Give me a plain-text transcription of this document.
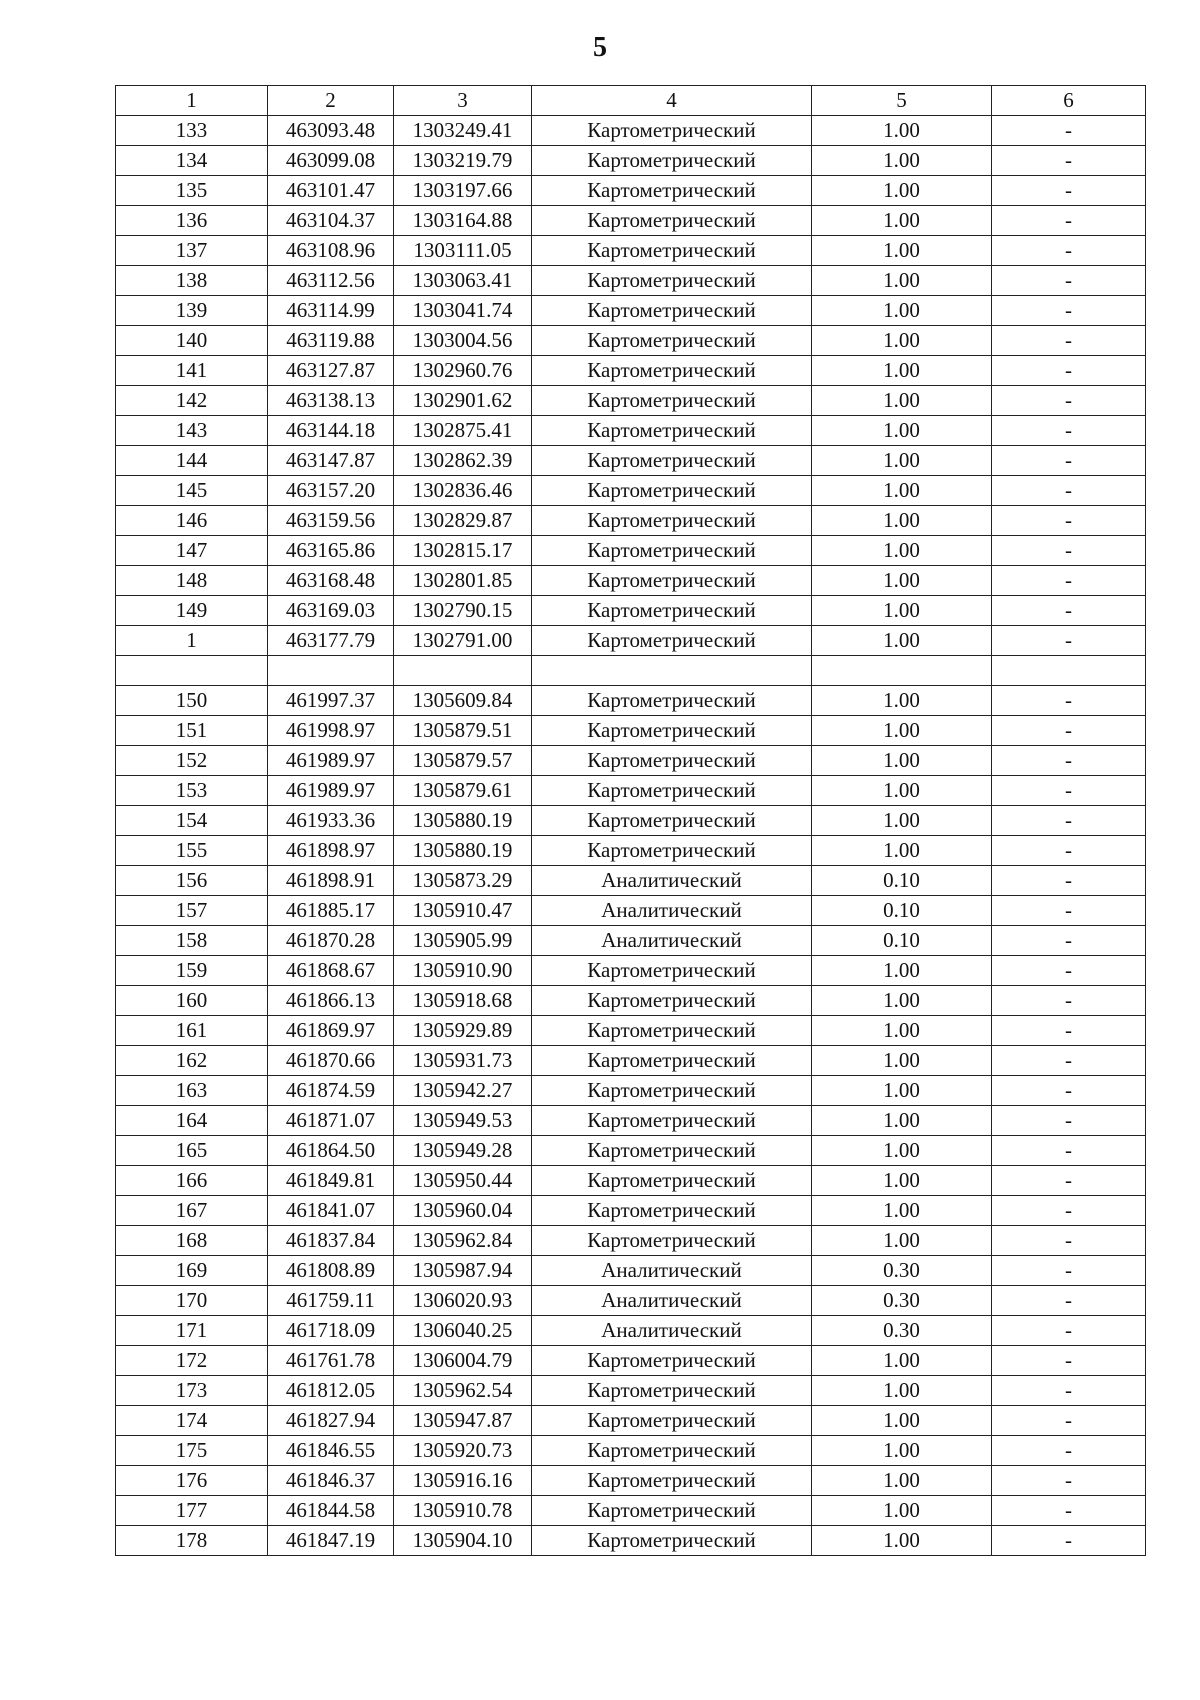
5
1	2	3	4	5	6
133	463093.48	1303249.41	Картометрический	1.00	-
134	463099.08	1303219.79	Картометрический	1.00	-
135	463101.47	1303197.66	Картометрический	1.00	-
136	463104.37	1303164.88	Картометрический	1.00	-
137	463108.96	1303111.05	Картометрический	1.00	-
138	463112.56	1303063.41	Картометрический	1.00	-
139	463114.99	1303041.74	Картометрический	1.00	-
140	463119.88	1303004.56	Картометрический	1.00	-
141	463127.87	1302960.76	Картометрический	1.00	-
142	463138.13	1302901.62	Картометрический	1.00	-
143	463144.18	1302875.41	Картометрический	1.00	-
144	463147.87	1302862.39	Картометрический	1.00	-
145	463157.20	1302836.46	Картометрический	1.00	-
146	463159.56	1302829.87	Картометрический	1.00	-
147	463165.86	1302815.17	Картометрический	1.00	-
148	463168.48	1302801.85	Картометрический	1.00	-
149	463169.03	1302790.15	Картометрический	1.00	-
1	463177.79	1302791.00	Картометрический	1.00	-

150	461997.37	1305609.84	Картометрический	1.00	-
151	461998.97	1305879.51	Картометрический	1.00	-
152	461989.97	1305879.57	Картометрический	1.00	-
153	461989.97	1305879.61	Картометрический	1.00	-
154	461933.36	1305880.19	Картометрический	1.00	-
155	461898.97	1305880.19	Картометрический	1.00	-
156	461898.91	1305873.29	Аналитический	0.10	-
157	461885.17	1305910.47	Аналитический	0.10	-
158	461870.28	1305905.99	Аналитический	0.10	-
159	461868.67	1305910.90	Картометрический	1.00	-
160	461866.13	1305918.68	Картометрический	1.00	-
161	461869.97	1305929.89	Картометрический	1.00	-
162	461870.66	1305931.73	Картометрический	1.00	-
163	461874.59	1305942.27	Картометрический	1.00	-
164	461871.07	1305949.53	Картометрический	1.00	-
165	461864.50	1305949.28	Картометрический	1.00	-
166	461849.81	1305950.44	Картометрический	1.00	-
167	461841.07	1305960.04	Картометрический	1.00	-
168	461837.84	1305962.84	Картометрический	1.00	-
169	461808.89	1305987.94	Аналитический	0.30	-
170	461759.11	1306020.93	Аналитический	0.30	-
171	461718.09	1306040.25	Аналитический	0.30	-
172	461761.78	1306004.79	Картометрический	1.00	-
173	461812.05	1305962.54	Картометрический	1.00	-
174	461827.94	1305947.87	Картометрический	1.00	-
175	461846.55	1305920.73	Картометрический	1.00	-
176	461846.37	1305916.16	Картометрический	1.00	-
177	461844.58	1305910.78	Картометрический	1.00	-
178	461847.19	1305904.10	Картометрический	1.00	-
